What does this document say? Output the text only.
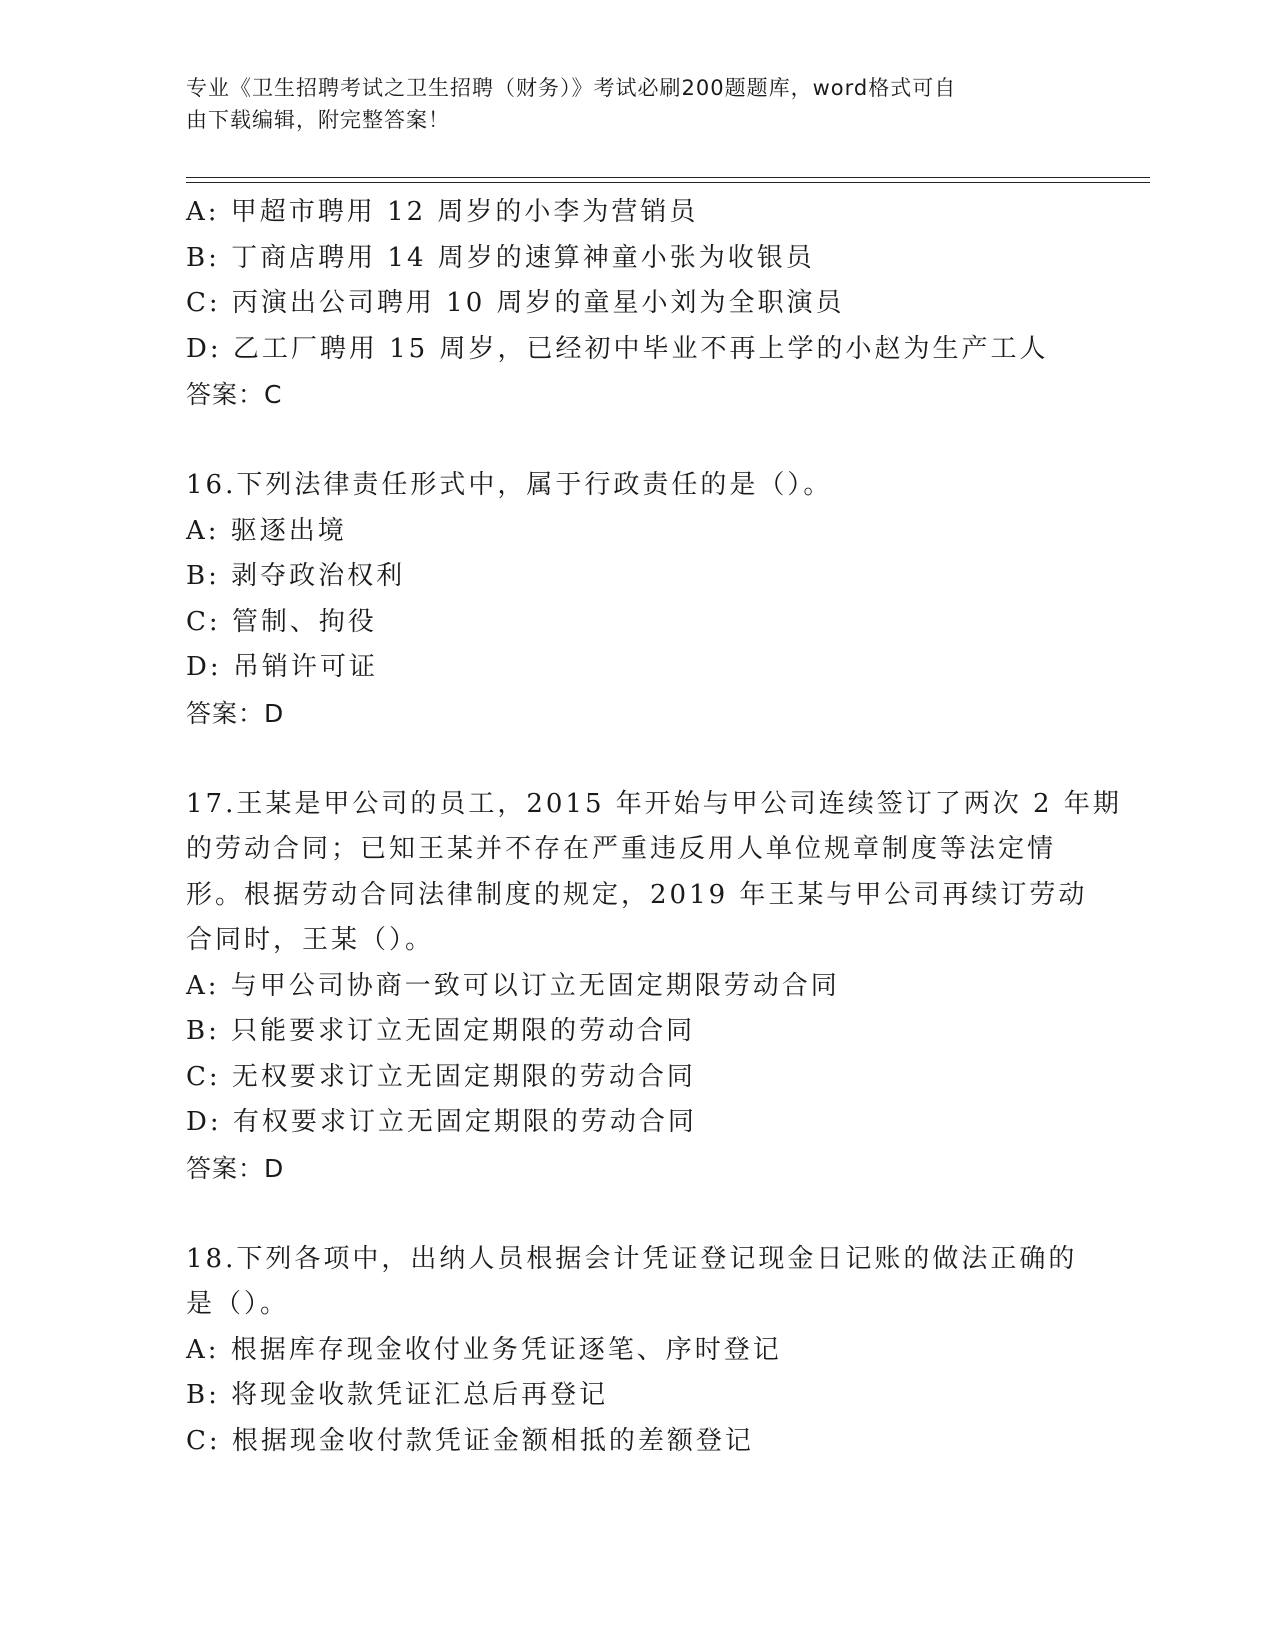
专业《卫生招聘考试之卫生招聘（财务）》考试必刷200题题库，word格式可自
由下载编辑，附完整答案！
A: 甲超市聘用 12 周岁的小李为营销员
B: 丁商店聘用 14 周岁的速算神童小张为收银员
C: 丙演出公司聘用 10 周岁的童星小刘为全职演员
D: 乙工厂聘用 15 周岁，已经初中毕业不再上学的小赵为生产工人
答案：C
16.下列法律责任形式中，属于行政责任的是（）。
A: 驱逐出境
B: 剥夺政治权利
C: 管制、拘役
D: 吊销许可证
答案：D
17.王某是甲公司的员工，2015 年开始与甲公司连续签订了两次 2 年期
的劳动合同；已知王某并不存在严重违反用人单位规章制度等法定情
形。根据劳动合同法律制度的规定，2019 年王某与甲公司再续订劳动
合同时，王某（）。
A: 与甲公司协商一致可以订立无固定期限劳动合同
B: 只能要求订立无固定期限的劳动合同
C: 无权要求订立无固定期限的劳动合同
D: 有权要求订立无固定期限的劳动合同
答案：D
18.下列各项中，出纳人员根据会计凭证登记现金日记账的做法正确的
是（）。
A: 根据库存现金收付业务凭证逐笔、序时登记
B: 将现金收款凭证汇总后再登记
C: 根据现金收付款凭证金额相抵的差额登记
